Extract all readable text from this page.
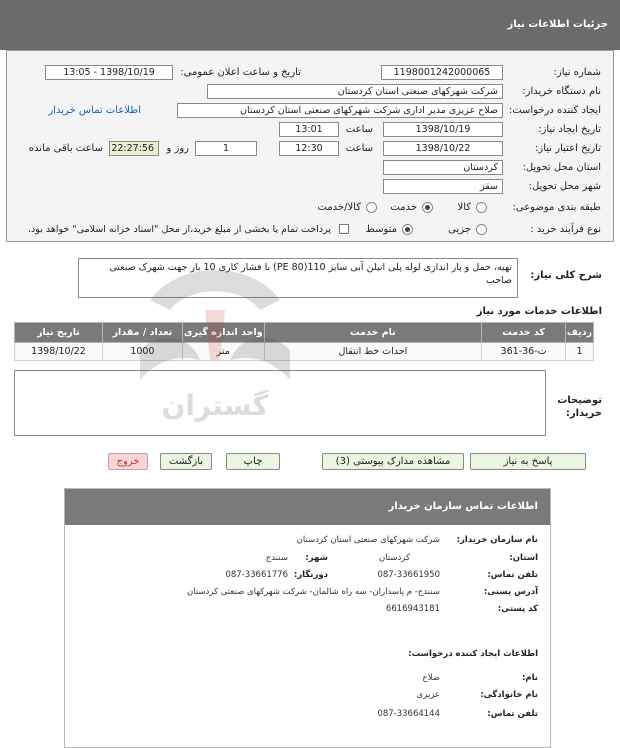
جزئیات اطلاعات نیاز
شماره نیاز:
1198001242000065
تاریخ و ساعت اعلان عمومی:
1398/10/19 - 13:05
نام دستگاه خریدار:
شرکت شهرکهای صنعتی استان کردستان
ایجاد کننده درخواست:
صلاح عزیزی مدیر اداری شرکت شهرکهای صنعتی استان کردستان
اطلاعات تماس خریدار
تاریخ ایجاد نیاز:
1398/10/19
ساعت
13:01
تاریخ اعتبار نیاز:
1398/10/22
ساعت
12:30
1
روز و
22:27:56
ساعت باقی مانده
استان محل تحویل:
کردستان
شهر محل تحویل:
سقز
طبقه بندی موضوعی:
کالا
خدمت
کالا/خدمت
نوع فرآیند خرید :
جزیی
متوسط
پرداخت تمام یا بخشی از مبلغ خرید،از محل "اسناد خزانه اسلامی" خواهد بود.
شرح کلی نیاز:
تهیه، حمل و پار اندازی لوله پلی اتیلن آبی سایز 110(PE 80) با فشار کاری 10 بار جهت شهرک صنعتی صاحب
اطلاعات خدمات مورد نیاز
ردیف	کد خدمت	نام خدمت	واحد اندازه گیری	تعداد / مقدار	تاریخ نیاز
1	ت-36-361	احداث خط انتقال	متر	1000	1398/10/22
توضیحات خریدار:
پاسخ به نیاز
مشاهده مدارک پیوستی (3)
چاپ
بازگشت
خروج
اطلاعات تماس سازمان خریدار
نام سازمان خریدار:
شرکت شهرکهای صنعتی استان کردستان
استان:
کردستان
شهر:
سنندج
تلفن تماس:
087-33661950
دورنگار:
087-33661776
آدرس پستی:
سنندج- م پاسداران- سه راه شالمان- شرکت شهرکهای صنعتی کردستان
کد پستی:
6616943181
اطلاعات ایجاد کننده درخواست:
نام:
صلاح
نام خانوادگی:
عزیزی
تلفن تماس:
087-33664144
